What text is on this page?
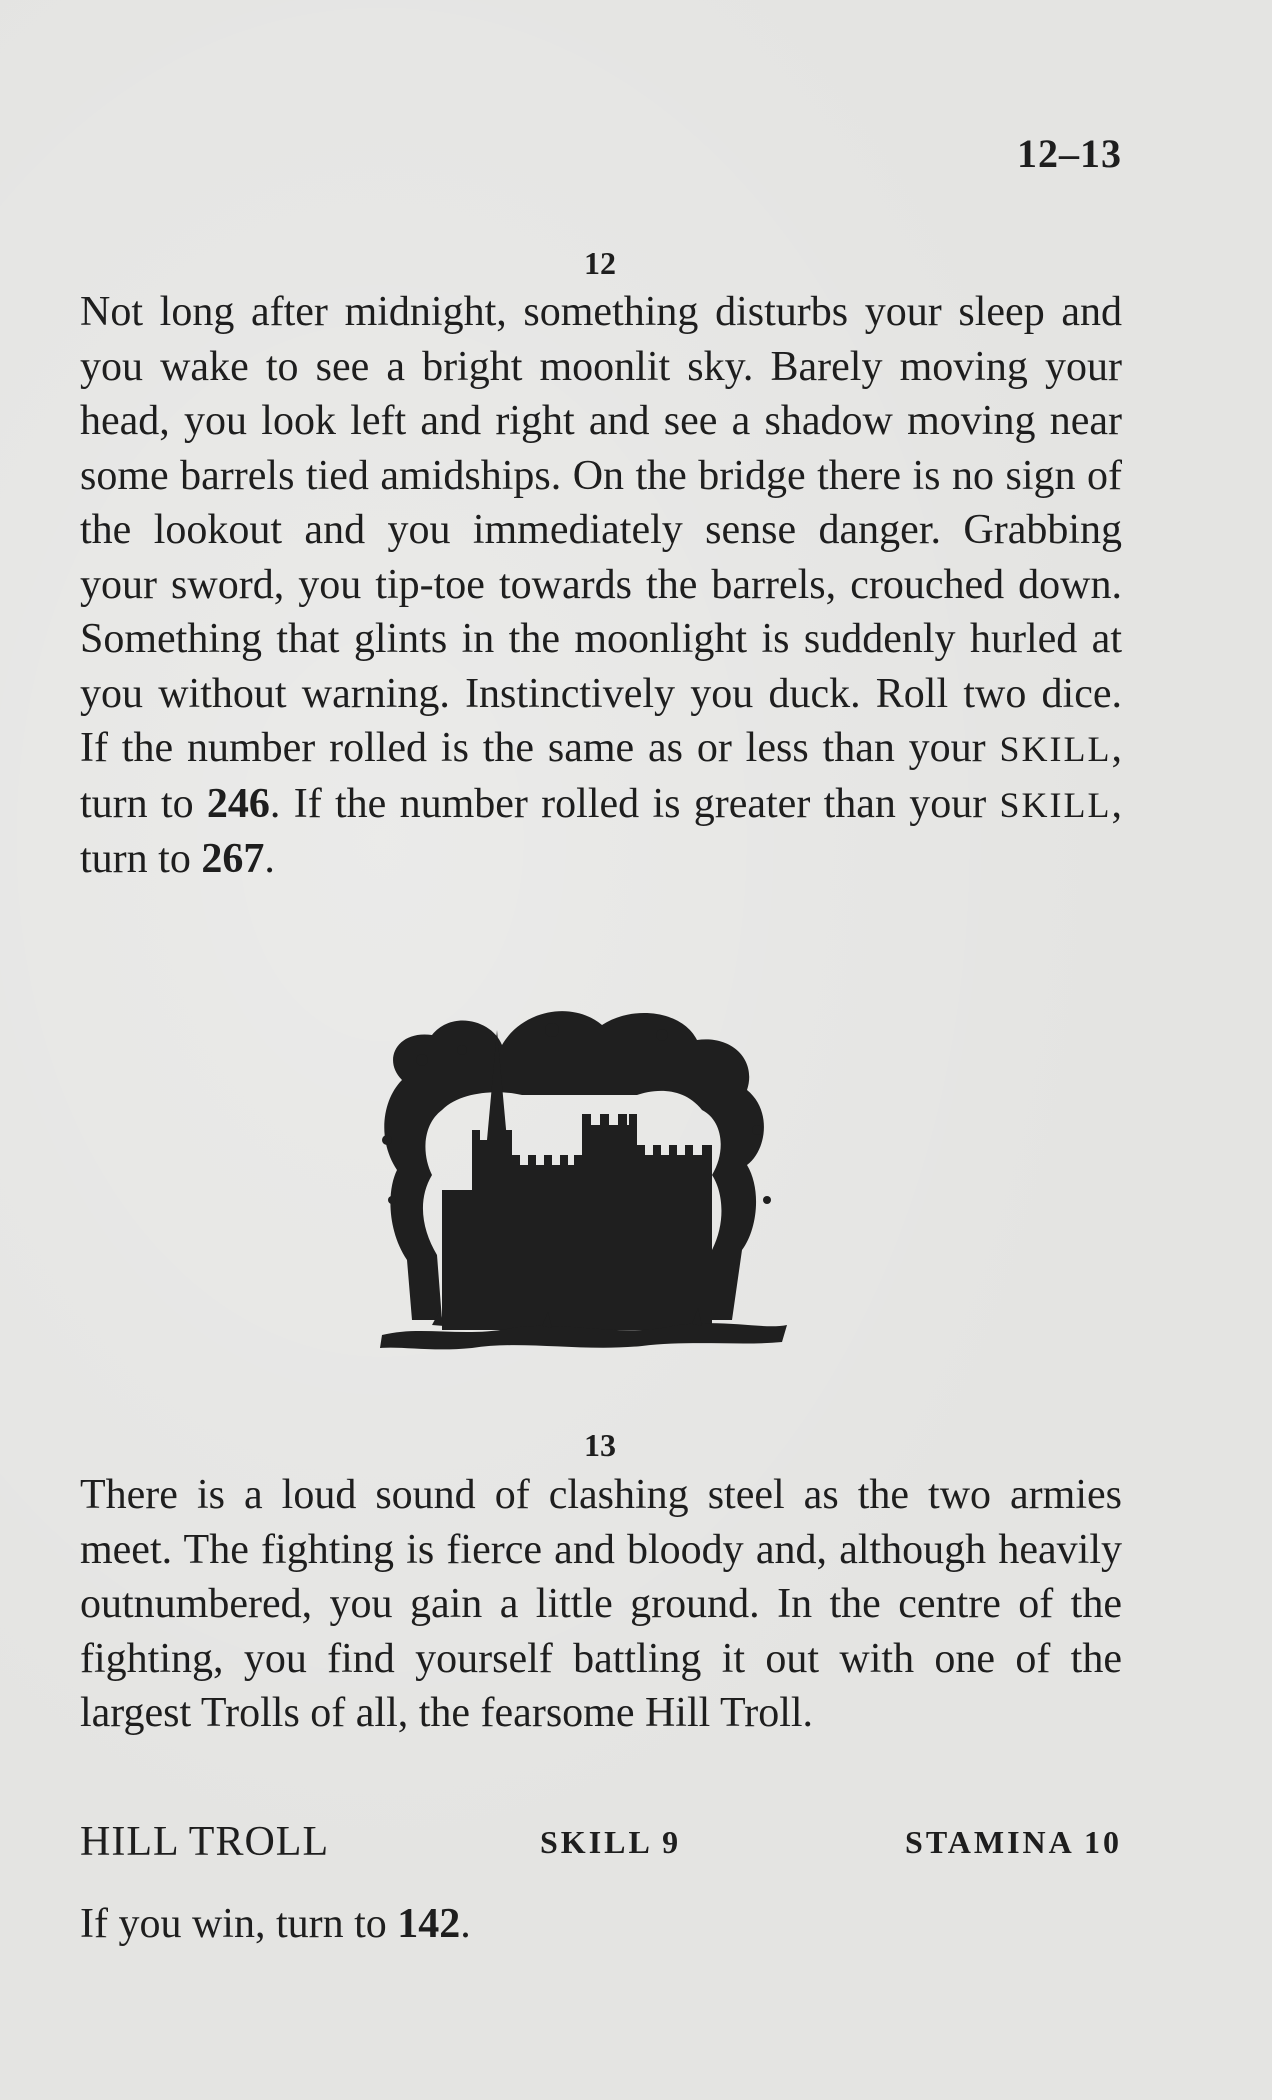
12–13
12

Not long after midnight, something disturbs your sleep and you wake to see a bright moonlit sky. Barely moving your head, you look left and right and see a shadow moving near some barrels tied amidships. On the bridge there is no sign of the lookout and you immediately sense danger. Grabbing your sword, you tip-toe towards the barrels, crouched down. Something that glints in the moonlight is suddenly hurled at you without warning. Instinctively you duck. Roll two dice. If the number rolled is the same as or less than your SKILL, turn to 246. If the number rolled is greater than your SKILL, turn to 267.

13

There is a loud sound of clashing steel as the two armies meet. The fighting is fierce and bloody and, although heavily outnumbered, you gain a little ground. In the centre of the fighting, you find yourself battling it out with one of the largest Trolls of all, the fearsome Hill Troll.

HILL TROLL	SKILL 9	STAMINA 10
If you win, turn to 142.
